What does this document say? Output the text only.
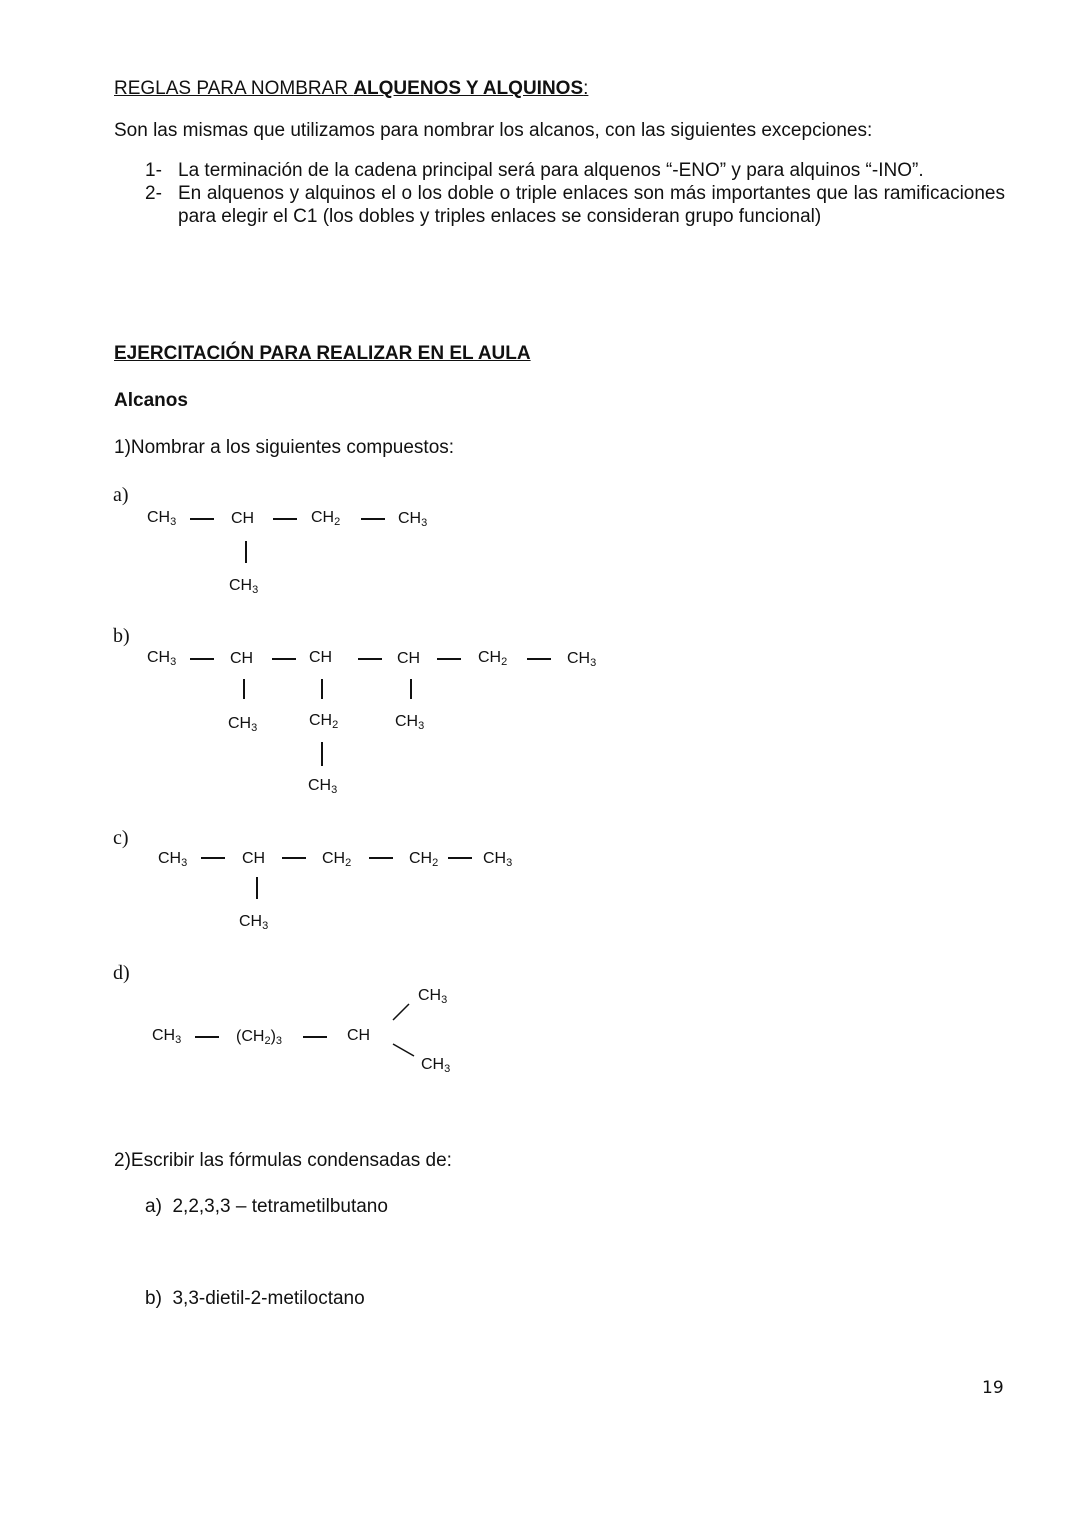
REGLAS PARA NOMBRAR ALQUENOS Y ALQUINOS:
Son las mismas que utilizamos para nombrar los alcanos, con las siguientes excepciones:
1- La terminación de la cadena principal será para alquenos “-ENO” y para alquinos “-INO”.
2- En alquenos y alquinos el o los doble o triple enlaces son más importantes que las ramificaciones para elegir el C1 (los dobles y triples enlaces se consideran grupo funcional)
EJERCITACIÓN PARA REALIZAR EN EL AULA
Alcanos
1)Nombrar a los siguientes compuestos:
a)
$CH_3$	CH	$CH_2$	$CH_3$
$CH_3$
b)
$CH_3$	CH	CH	CH	$CH_2$	$CH_3$
$CH_3$	$CH_2$	$CH_3$
$CH_3$
c)
$CH_3$	CH	$CH_2$	$CH_2$	$CH_3$
$CH_3$
d)
$CH_3$	$(CH_2)_3$	CH
$CH_3$
$CH_3$
2)Escribir las fórmulas condensadas de:
a) 2,2,3,3 – tetrametilbutano
b) 3,3-dietil-2-metiloctano
19
